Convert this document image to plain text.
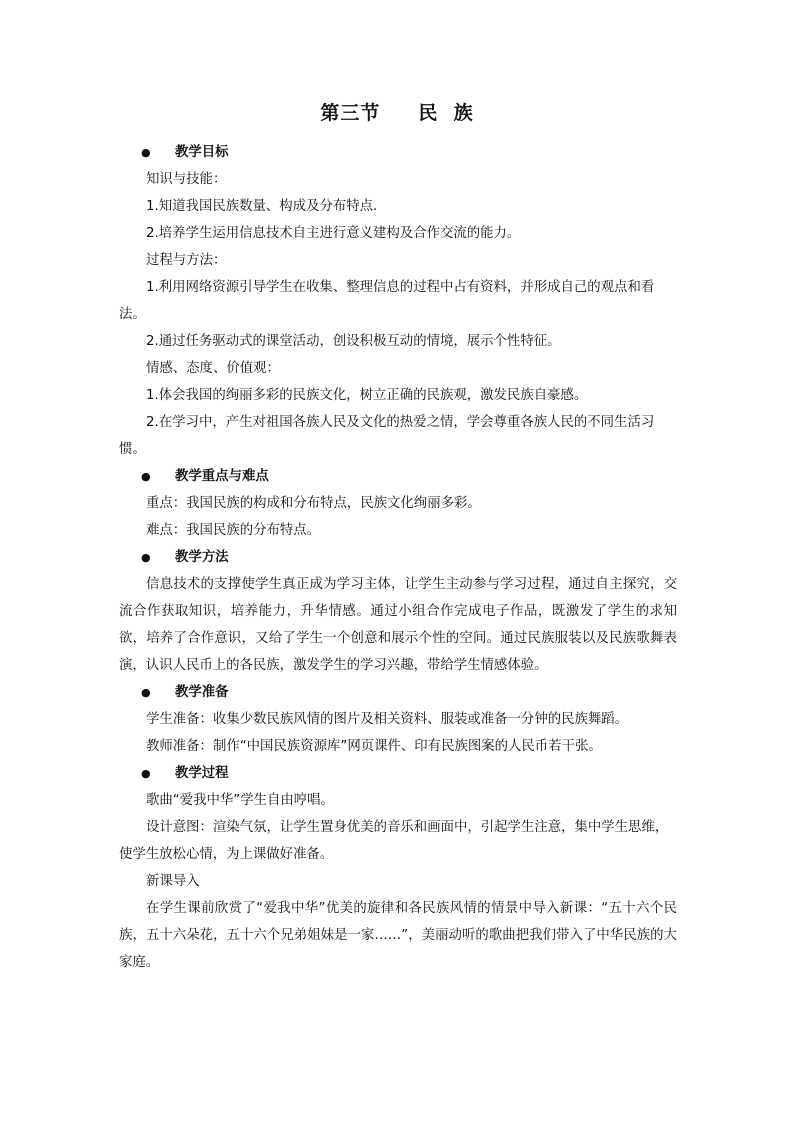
第三节     民  族
● 教学目标
知识与技能：
1.知道我国民族数量、构成及分布特点.
2.培养学生运用信息技术自主进行意义建构及合作交流的能力。
过程与方法：
1.利用网络资源引导学生在收集、整理信息的过程中占有资料，并形成自己的观点和看
法。
2.通过任务驱动式的课堂活动，创设积极互动的情境，展示个性特征。
情感、态度、价值观：
1.体会我国的绚丽多彩的民族文化，树立正确的民族观，激发民族自豪感。
2.在学习中，产生对祖国各族人民及文化的热爱之情，学会尊重各族人民的不同生活习
惯。
● 教学重点与难点
重点：我国民族的构成和分布特点，民族文化绚丽多彩。
难点：我国民族的分布特点。
● 教学方法
信息技术的支撑使学生真正成为学习主体，让学生主动参与学习过程，通过自主探究，交流合作获取知识，培养能力，升华情感。通过小组合作完成电子作品，既激发了学生的求知欲，培养了合作意识，又给了学生一个创意和展示个性的空间。通过民族服装以及民族歌舞表演，认识人民币上的各民族，激发学生的学习兴趣，带给学生情感体验。
● 教学准备
学生准备：收集少数民族风情的图片及相关资料、服装或准备一分钟的民族舞蹈。
教师准备：制作“中国民族资源库”网页课件、印有民族图案的人民币若干张。
● 教学过程
歌曲“爱我中华”学生自由哼唱。
设计意图：渲染气氛，让学生置身优美的音乐和画面中，引起学生注意，集中学生思维，
使学生放松心情，为上课做好准备。
新课导入
在学生课前欣赏了“爱我中华”优美的旋律和各民族风情的情景中导入新课：“五十六个民族，五十六朵花，五十六个兄弟姐妹是一家……”，美丽动听的歌曲把我们带入了中华民族的大家庭。
